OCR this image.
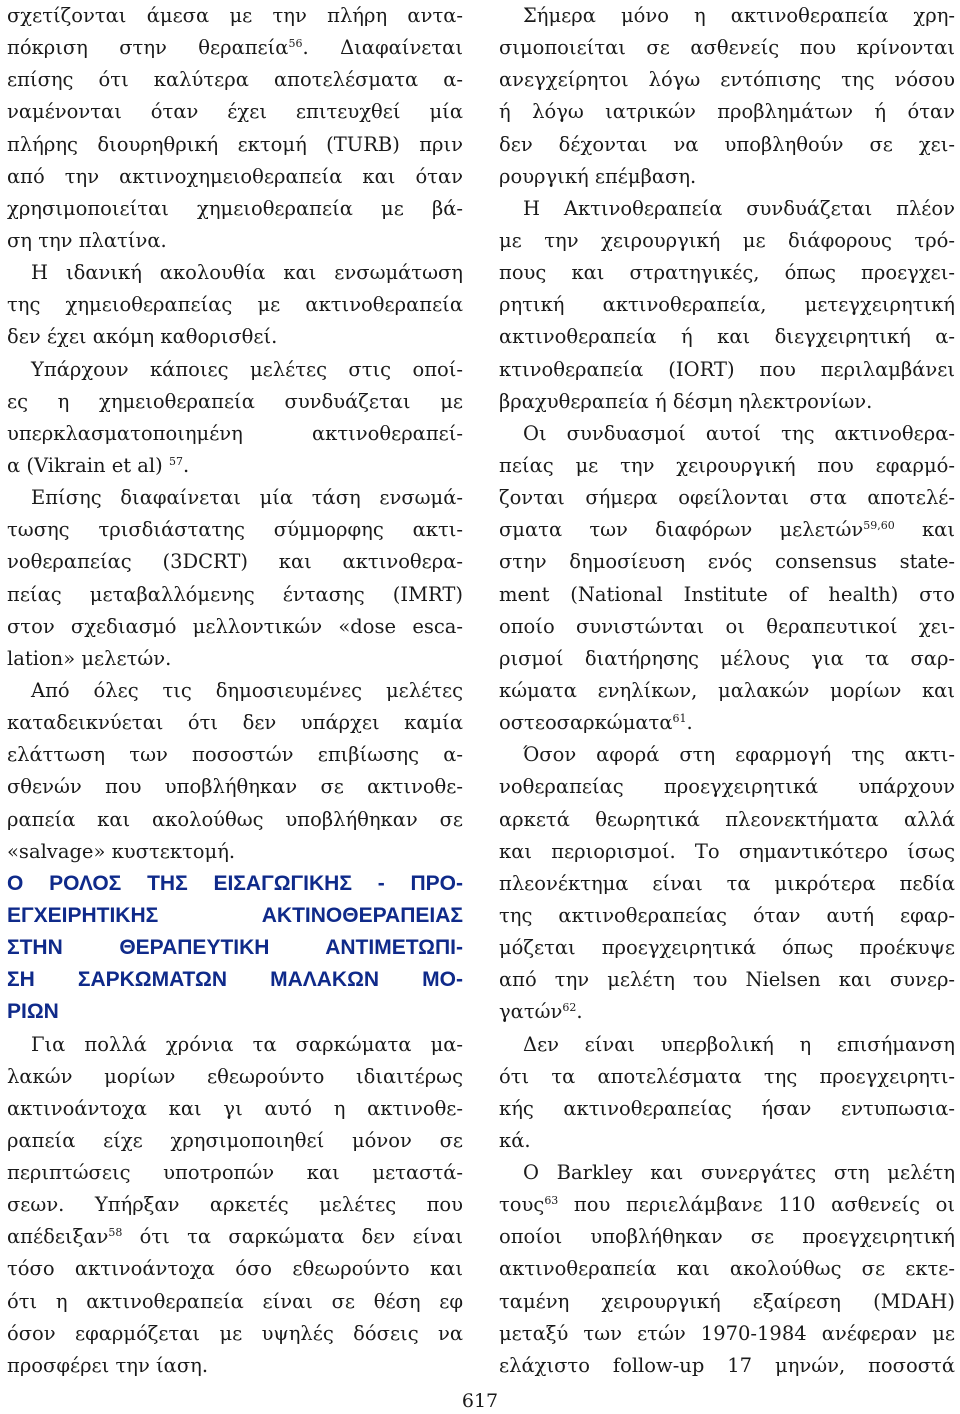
σχετίζονται άμεσα με την πλήρη αντα-
πόκριση στην θεραπεία$^{56}$. Διαφαίνεται
επίσης ότι καλύτερα αποτελέσματα α-
ναμένονται όταν έχει επιτευχθεί μία
πλήρης διουρηθρική εκτομή (TURB) πριν
από την ακτινοχημειοθεραπεία και όταν
χρησιμοποιείται χημειοθεραπεία με βά-
ση την πλατίνα.
Η ιδανική ακολουθία και ενσωμάτωση
της χημειοθεραπείας με ακτινοθεραπεία
δεν έχει ακόμη καθορισθεί.
Υπάρχουν κάποιες μελέτες στις οποί-
ες η χημειοθεραπεία συνδυάζεται με
υπερκλασματοποιημένη ακτινοθεραπεί-
α (Vikrain et al) $^{57}$.
Επίσης διαφαίνεται μία τάση ενσωμά-
τωσης τρισδιάστατης σύμμορφης ακτι-
νοθεραπείας (3DCRT) και ακτινοθερα-
πείας μεταβαλλόμενης έντασης (IMRT)
στον σχεδιασμό μελλοντικών «dose esca-
lation» μελετών.
Από όλες τις δημοσιευμένες μελέτες
καταδεικνύεται ότι δεν υπάρχει καμία
ελάττωση των ποσοστών επιβίωσης α-
σθενών που υποβλήθηκαν σε ακτινοθε-
ραπεία και ακολούθως υποβλήθηκαν σε
«salvage» κυστεκτομή.
Ο ΡΟΛΟΣ ΤΗΣ ΕΙΣΑΓΩΓΙΚΗΣ - ΠΡΟ-
ΕΓΧΕΙΡΗΤΙΚΗΣ ΑΚΤΙΝΟΘΕΡΑΠΕΙΑΣ
ΣΤΗΝ ΘΕΡΑΠΕΥΤΙΚΗ ΑΝΤΙΜΕΤΩΠΙ-
ΣΗ ΣΑΡΚΩΜΑΤΩΝ ΜΑΛΑΚΩΝ ΜΟ-
ΡΙΩΝ
Για πολλά χρόνια τα σαρκώματα μα-
λακών μορίων εθεωρούντο ιδιαιτέρως
ακτινοάντοχα και γι αυτό η ακτινοθε-
ραπεία είχε χρησιμοποιηθεί μόνον σε
περιπτώσεις υποτροπών και μεταστά-
σεων. Υπήρξαν αρκετές μελέτες που
απέδειξαν$^{58}$ ότι τα σαρκώματα δεν είναι
τόσο ακτινοάντοχα όσο εθεωρούντο και
ότι η ακτινοθεραπεία είναι σε θέση εφ
όσον εφαρμόζεται με υψηλές δόσεις να
προσφέρει την ίαση.
Σήμερα μόνο η ακτινοθεραπεία χρη-
σιμοποιείται σε ασθενείς που κρίνονται
ανεγχείρητοι λόγω εντόπισης της νόσου
ή λόγω ιατρικών προβλημάτων ή όταν
δεν δέχονται να υποβληθούν σε χει-
ρουργική επέμβαση.
Η Ακτινοθεραπεία συνδυάζεται πλέον
με την χειρουργική με διάφορους τρό-
πους και στρατηγικές, όπως προεγχει-
ρητική ακτινοθεραπεία, μετεγχειρητική
ακτινοθεραπεία ή και διεγχειρητική α-
κτινοθεραπεία (IORT) που περιλαμβάνει
βραχυθεραπεία ή δέσμη ηλεκτρονίων.
Οι συνδυασμοί αυτοί της ακτινοθερα-
πείας με την χειρουργική που εφαρμό-
ζονται σήμερα οφείλονται στα αποτελέ-
σματα των διαφόρων μελετών$^{59,60}$ και
στην δημοσίευση ενός consensus state-
ment (National Institute of health) στο
οποίο συνιστώνται οι θεραπευτικοί χει-
ρισμοί διατήρησης μέλους για τα σαρ-
κώματα ενηλίκων, μαλακών μορίων και
οστεοσαρκώματα$^{61}$.
Όσον αφορά στη εφαρμογή της ακτι-
νοθεραπείας προεγχειρητικά υπάρχουν
αρκετά θεωρητικά πλεονεκτήματα αλλά
και περιορισμοί. Το σημαντικότερο ίσως
πλεονέκτημα είναι τα μικρότερα πεδία
της ακτινοθεραπείας όταν αυτή εφαρ-
μόζεται προεγχειρητικά όπως προέκυψε
από την μελέτη του Nielsen και συνερ-
γατών$^{62}$.
Δεν είναι υπερβολική η επισήμανση
ότι τα αποτελέσματα της προεγχειρητι-
κής ακτινοθεραπείας ήσαν εντυπωσια-
κά.
Ο Barkley και συνεργάτες στη μελέτη
τους$^{63}$ που περιελάμβανε 110 ασθενείς οι
οποίοι υποβλήθηκαν σε προεγχειρητική
ακτινοθεραπεία και ακολούθως σε εκτε-
ταμένη χειρουργική εξαίρεση (MDAH)
μεταξύ των ετών 1970-1984 ανέφεραν με
ελάχιστο follow-up 17 μηνών, ποσοστά
617
